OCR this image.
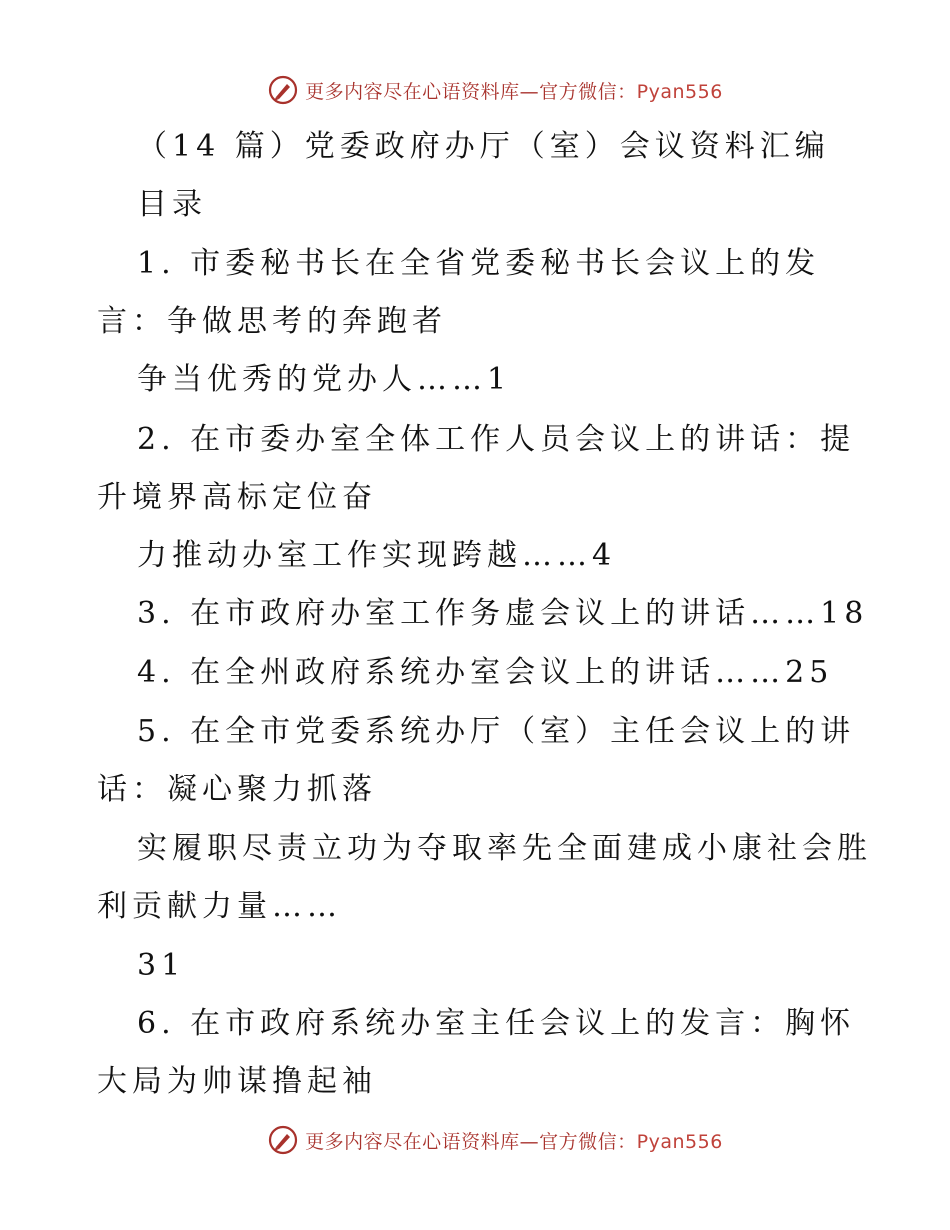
更多内容尽在心语资料库—官方微信：Pyan556
（14 篇）党委政府办厅（室）会议资料汇编
目录
1. 市委秘书长在全省党委秘书长会议上的发
言：争做思考的奔跑者
争当优秀的党办人……1
2. 在市委办室全体工作人员会议上的讲话：提
升境界高标定位奋
力推动办室工作实现跨越……4
3. 在市政府办室工作务虚会议上的讲话……18
4. 在全州政府系统办室会议上的讲话……25
5. 在全市党委系统办厅（室）主任会议上的讲
话：凝心聚力抓落
实履职尽责立功为夺取率先全面建成小康社会胜
利贡献力量……
31
6. 在市政府系统办室主任会议上的发言：胸怀
大局为帅谋撸起袖
更多内容尽在心语资料库—官方微信：Pyan556
